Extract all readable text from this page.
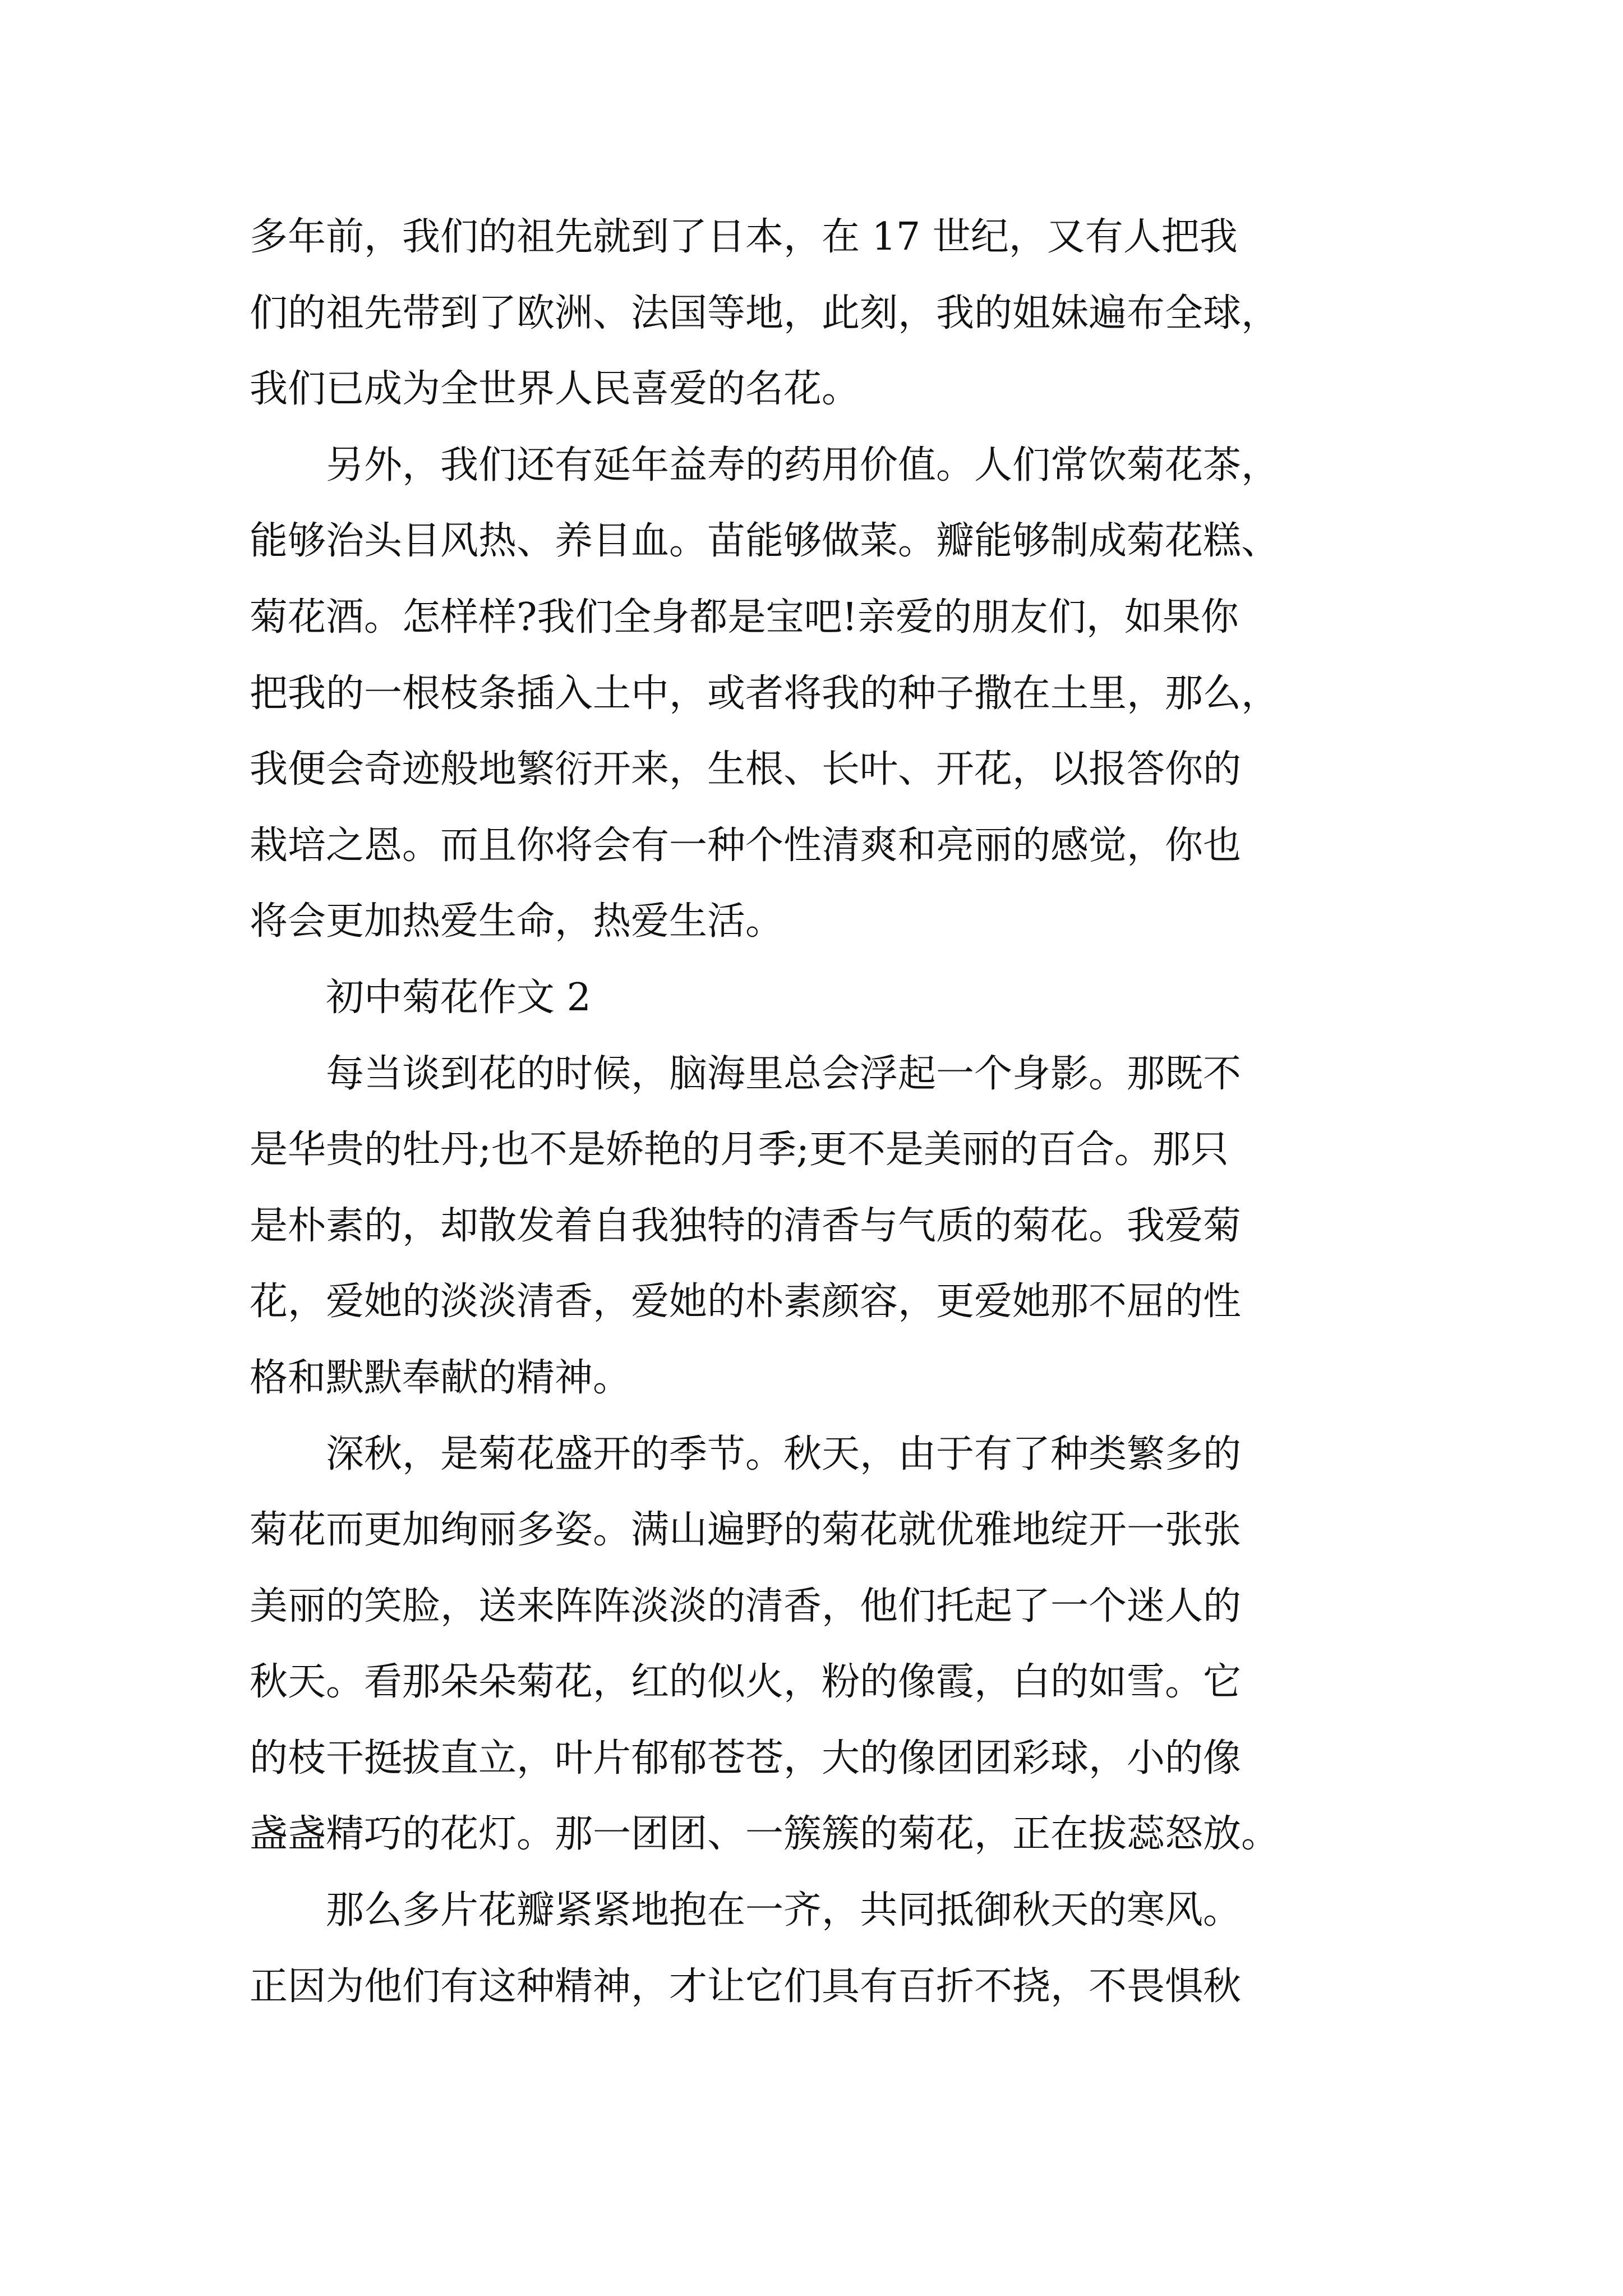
多年前，我们的祖先就到了日本，在 17 世纪，又有人把我
们的祖先带到了欧洲、法国等地，此刻，我的姐妹遍布全球，
我们已成为全世界人民喜爱的名花。
　　另外，我们还有延年益寿的药用价值。人们常饮菊花茶，
能够治头目风热、养目血。苗能够做菜。瓣能够制成菊花糕、
菊花酒。怎样样?我们全身都是宝吧!亲爱的朋友们，如果你
把我的一根枝条插入土中，或者将我的种子撒在土里，那么，
我便会奇迹般地繁衍开来，生根、长叶、开花，以报答你的
栽培之恩。而且你将会有一种个性清爽和亮丽的感觉，你也
将会更加热爱生命，热爱生活。
　　初中菊花作文 2
　　每当谈到花的时候，脑海里总会浮起一个身影。那既不
是华贵的牡丹;也不是娇艳的月季;更不是美丽的百合。那只
是朴素的，却散发着自我独特的清香与气质的菊花。我爱菊
花，爱她的淡淡清香，爱她的朴素颜容，更爱她那不屈的性
格和默默奉献的精神。
　　深秋，是菊花盛开的季节。秋天，由于有了种类繁多的
菊花而更加绚丽多姿。满山遍野的菊花就优雅地绽开一张张
美丽的笑脸，送来阵阵淡淡的清香，他们托起了一个迷人的
秋天。看那朵朵菊花，红的似火，粉的像霞，白的如雪。它
的枝干挺拔直立，叶片郁郁苍苍，大的像团团彩球，小的像
盏盏精巧的花灯。那一团团、一簇簇的菊花，正在拔蕊怒放。
　　那么多片花瓣紧紧地抱在一齐，共同抵御秋天的寒风。
正因为他们有这种精神，才让它们具有百折不挠，不畏惧秋
